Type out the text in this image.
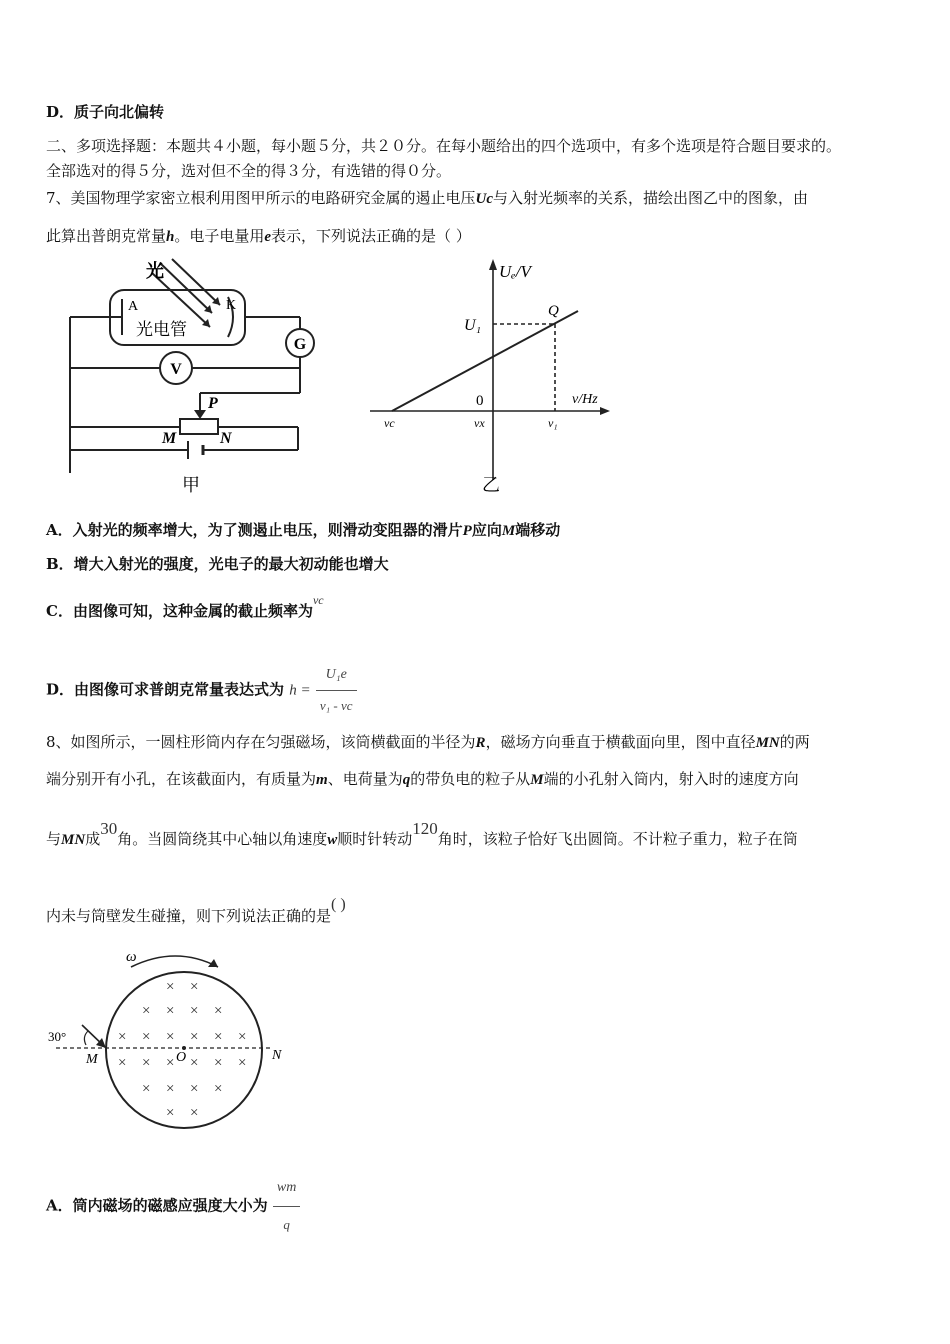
D．质子向北偏转
二、多项选择题：本题共４小题，每小题５分，共２０分。在每小题给出的四个选项中，有多个选项是符合题目要求的。
全部选对的得５分，选对但不全的得３分，有选错的得０分。
7、美国物理学家密立根利用图甲所示的电路研究金属的遏止电压Uc与入射光频率的关系，描绘出图乙中的图象，由
此算出普朗克常量h。电子电量用e表示，下列说法正确的是（ ）
G
V
光
A	K
光电管
P
M	N
甲
Uₑ/V
ν/Hz
U₁
Q
0
νc	νx	ν₁
乙
A．入射光的频率增大，为了测遏止电压，则滑动变阻器的滑片P应向M端移动
B．增大入射光的强度，光电子的最大初动能也增大
C．由图像可知，这种金属的截止频率为$^{\nu c}$
D．由图像可求普朗克常量表达式为 $h = \frac{\text{U₁e}}{\text{ν₁ - νc}}$
8、如图所示，一圆柱形筒内存在匀强磁场，该筒横截面的半径为R，磁场方向垂直于横截面向里，图中直径MN的两
端分别开有小孔，在该截面内，有质量为m、电荷量为q的带负电的粒子从M端的小孔射入筒内，射入时的速度方向
与MN成30角。当圆筒绕其中心轴以角速度w顺时针转动120角时，该粒子恰好飞出圆筒。不计粒子重力，粒子在筒
内未与筒壁发生碰撞，则下列说法正确的是( )
ω
30°
M	O	N
× ×
× × × ×
× × × × × ×
× × × × × ×
× × × ×
× ×
A．筒内磁场的磁感应强度大小为 $\frac{wm}{q}$
